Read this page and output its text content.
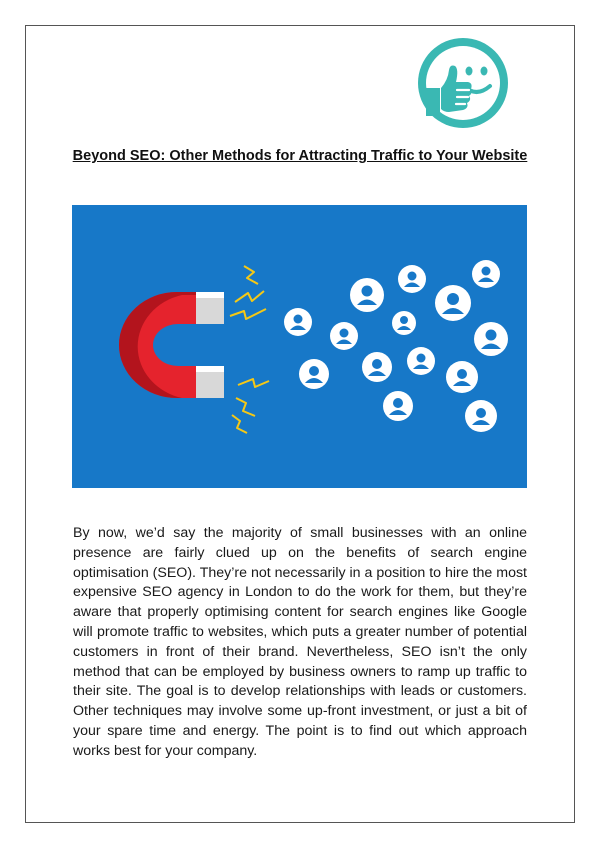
Beyond SEO: Other Methods for Attracting Traffic to Your Website
By now, we’d say the majority of small businesses with an online presence are fairly clued up on the benefits of search engine optimisation (SEO). They’re not necessarily in a position to hire the most expensive SEO agency in London to do the work for them, but they’re aware that properly optimising content for search engines like Google will promote traffic to websites, which puts a greater number of potential customers in front of their brand. Nevertheless, SEO isn’t the only method that can be employed by business owners to ramp up traffic to their site. The goal is to develop relationships with leads or customers. Other techniques may involve some up-front investment, or just a bit of your spare time and energy. The point is to find out which approach works best for your company.
